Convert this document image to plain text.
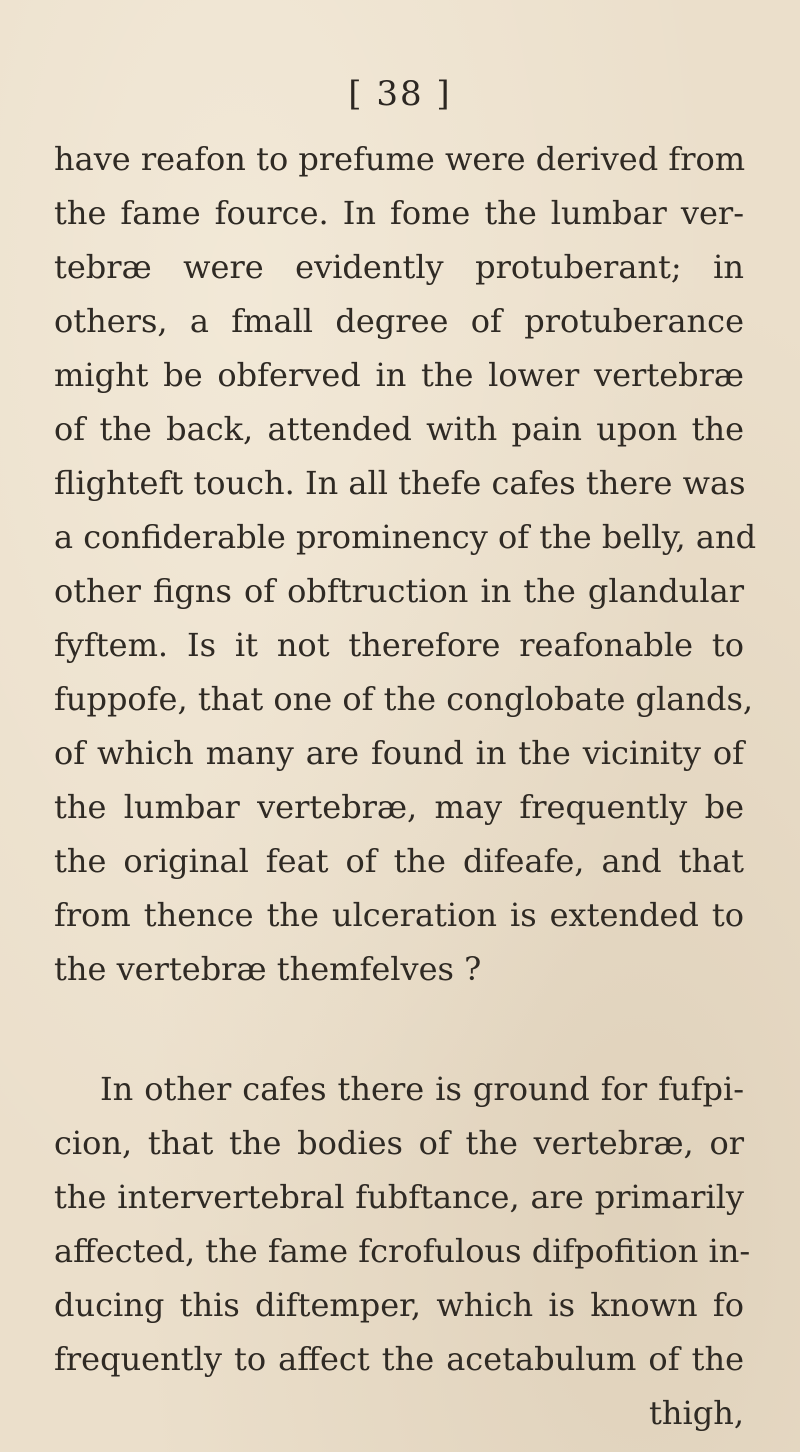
[ 38 ]
have reafon to prefume were derived from
the fame fource. In fome the lumbar ver-
tebræ were evidently protuberant; in
others, a fmall degree of protuberance
might be obferved in the lower vertebræ
of the back, attended with pain upon the
flighteft touch. In all thefe cafes there was
a confiderable prominency of the belly, and
other figns of obftruction in the glandular
fyftem. Is it not therefore reafonable to
fuppofe, that one of the conglobate glands,
of which many are found in the vicinity of
the lumbar vertebræ, may frequently be
the original feat of the difeafe, and that
from thence the ulceration is extended to
the vertebræ themfelves ?
In other cafes there is ground for fufpi-
cion, that the bodies of the vertebræ, or
the intervertebral fubftance, are primarily
affected, the fame fcrofulous difpofition in-
ducing this diftemper, which is known fo
frequently to affect the acetabulum of the
thigh,
